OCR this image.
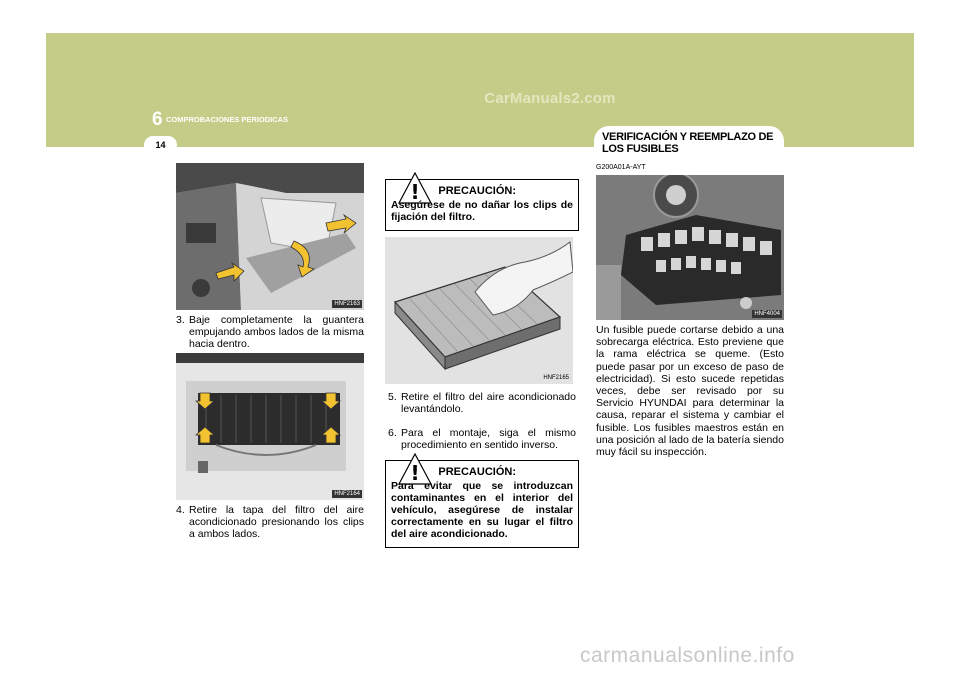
CarManuals2.com
6 COMPROBACIONES PERIODICAS
14
VERIFICACIÓN Y REEMPLAZO DE LOS FUSIBLES
HNF2163
3. Baje completamente la guantera empujando ambos lados de la misma hacia dentro.
HNF2164
4. Retire la tapa del filtro del aire acondicionado presionando los clips a ambos lados.
! PRECAUCIÓN:
Asegúrese de no dañar los clips de fijación del filtro.
HNF2165
5. Retire el filtro del aire acondicionado levantándolo.
6. Para el montaje, siga el mismo procedimiento en sentido inverso.
! PRECAUCIÓN:
Para evitar que se introduzcan contaminantes en el interior del vehículo, asegúrese de instalar correctamente en su lugar el filtro del aire acondicionado.
G200A01A-AYT
HNF4004
Un fusible puede cortarse debido a una sobrecarga eléctrica. Esto previene que la rama eléctrica se queme. (Esto puede pasar por un exceso de paso de electricidad). Si esto sucede repetidas veces, debe ser revisado por su Servicio HYUNDAI para determinar la causa, reparar el sistema y cambiar el fusible. Los fusibles maestros están en una posición al lado de la batería siendo muy fácil su inspección.
carmanualsonline.info
